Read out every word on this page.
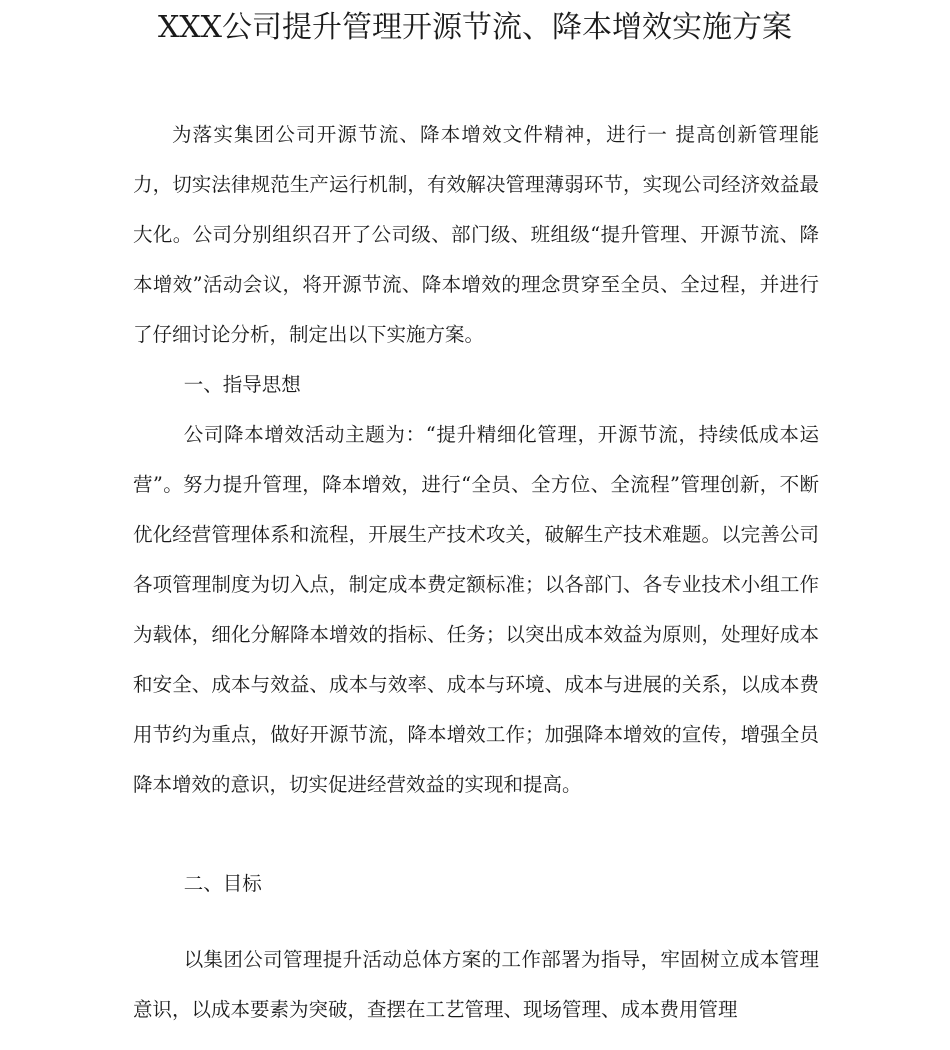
XXX公司提升管理开源节流、降本增效实施方案

为落实集团公司开源节流、降本增效文件精神，进行一 提高创新管理能力，切实法律规范生产运行机制，有效解决管理薄弱环节，实现公司经济效益最大化。公司分别组织召开了公司级、部门级、班组级“提升管理、开源节流、降本增效”活动会议，将开源节流、降本增效的理念贯穿至全员、全过程，并进行了仔细讨论分析，制定出以下实施方案。

一、指导思想

公司降本增效活动主题为：“提升精细化管理，开源节流，持续低成本运营”。努力提升管理，降本增效，进行“全员、全方位、全流程”管理创新，不断优化经营管理体系和流程，开展生产技术攻关，破解生产技术难题。以完善公司各项管理制度为切入点，制定成本费定额标准；以各部门、各专业技术小组工作为载体，细化分解降本增效的指标、任务；以突出成本效益为原则，处理好成本和安全、成本与效益、成本与效率、成本与环境、成本与进展的关系，以成本费用节约为重点，做好开源节流，降本增效工作；加强降本增效的宣传，增强全员降本增效的意识，切实促进经营效益的实现和提高。

二、目标

以集团公司管理提升活动总体方案的工作部署为指导，牢固树立成本管理意识，以成本要素为突破，查摆在工艺管理、现场管理、成本费用管理
